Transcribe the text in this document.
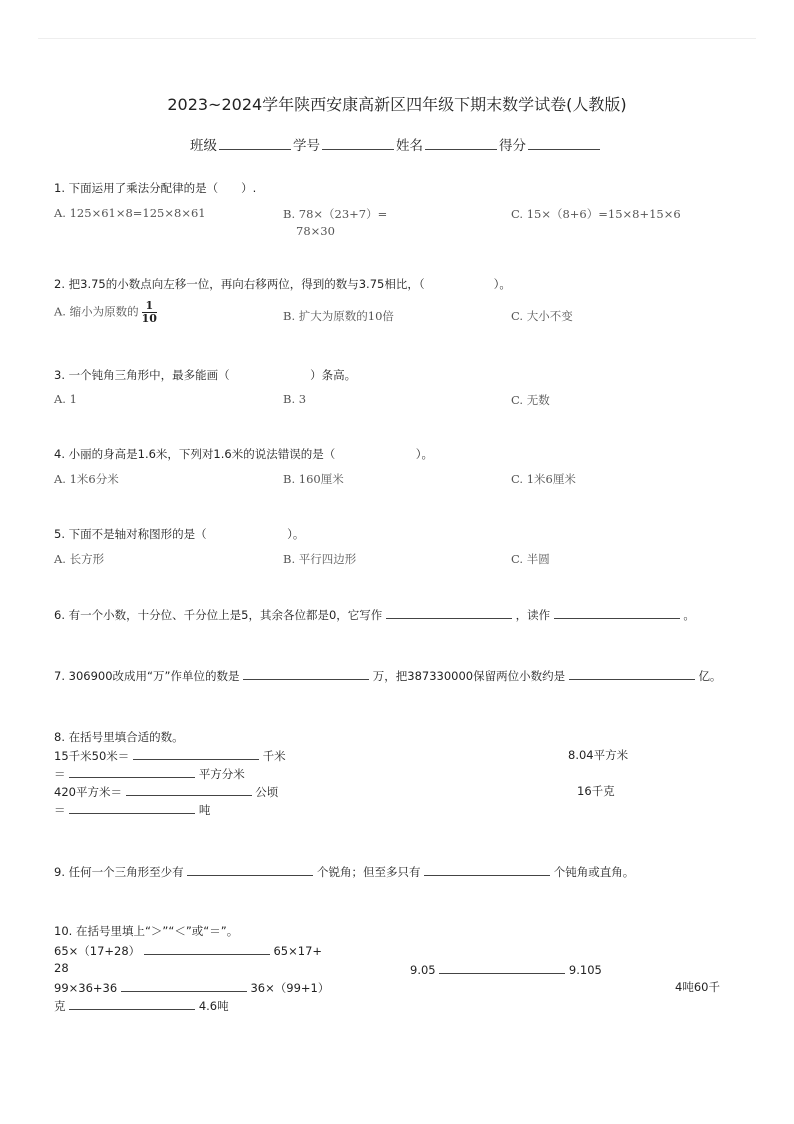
2023~2024学年陕西安康高新区四年级下期末数学试卷(人教版)
班级	学号	姓名	得分
1. 下面运用了乘法分配律的是（　　）.
A. 125×61×8=125×8×61	B. 78×（23+7）=
78×30
C. 15×（8+6）=15×8+15×6
2. 把3.75的小数点向左移一位，再向右移两位，得到的数与3.75相比，（　　　　　　）。
A. 缩小为原数的 $\frac{1}{10}$	B. 扩大为原数的10倍	C. 大小不变
3. 一个钝角三角形中，最多能画（　　　　　　　）条高。
A. 1	B. 3	C. 无数
4. 小丽的身高是1.6米，下列对1.6米的说法错误的是（　　　　　　　）。
A. 1米6分米	B. 160厘米	C. 1米6厘米
5. 下面不是轴对称图形的是（　　　　　　　）。
A. 长方形	B. 平行四边形	C. 半圆
6. 有一个小数，十分位、千分位上是5，其余各位都是0，它写作	，读作	。
7. 306900改成用“万”作单位的数是	万，把387330000保留两位小数约是	亿。
8. 在括号里填合适的数。
15千米50米＝	千米	8.04平方米
＝	平方分米
420平方米＝	公顷	16千克
＝	吨
9. 任何一个三角形至少有	个锐角；但至多只有	个钝角或直角。
10. 在括号里填上“＞”“＜”或“＝”。
65×（17+28）	65×17+
28	9.05	9.105
99×36+36	36×（99+1）	4吨60千
克	4.6吨
